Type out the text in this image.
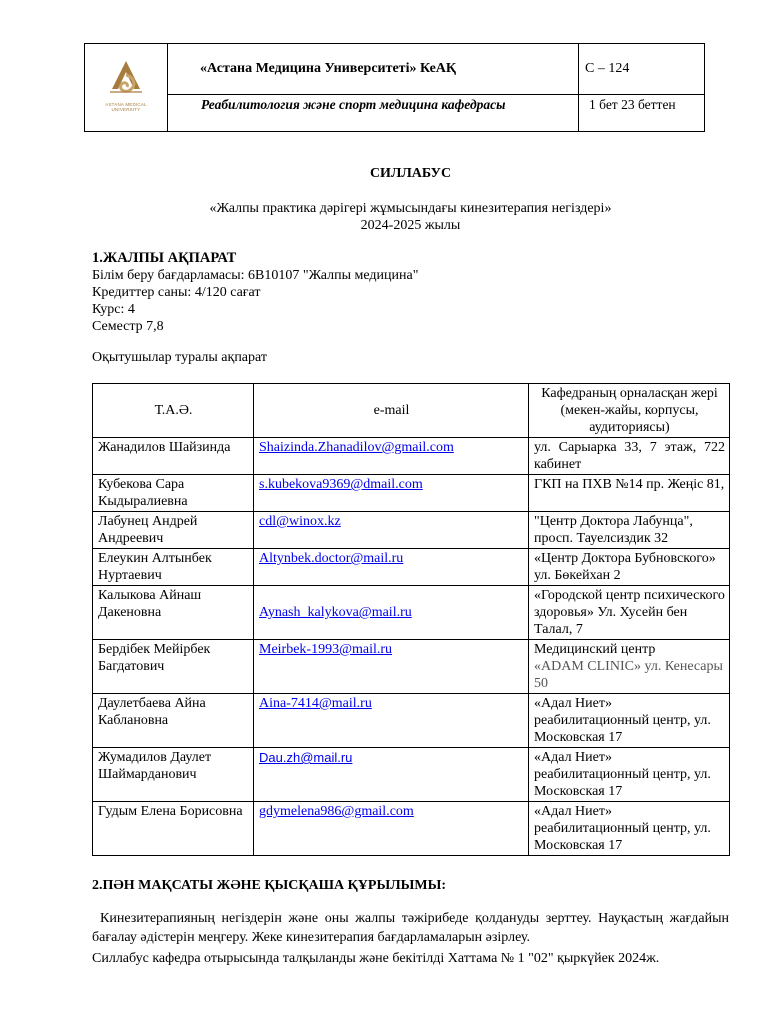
ASTANA MEDICAL
UNIVERSITY	«Астана Медицина Университеті» КеАҚ	С – 124
	Реабилитология және спорт медицина кафедрасы	1 бет 23 беттен
СИЛЛАБУС
«Жалпы практика дәрігері жұмысындағы кинезитерапия негіздері»
2024-2025 жылы
1.ЖАЛПЫ АҚПАРАТ
Білім беру бағдарламасы: 6В10107 "Жалпы медицина"
Кредиттер саны: 4/120 сағат
Курс: 4
Семестр 7,8
Оқытушылар туралы ақпарат
Т.А.Ә.	e-mail	Кафедраның орналасқан жері (мекен-жайы, корпусы, аудиториясы)
Жанадилов Шайзинда	Shaizinda.Zhanadilov@gmail.com	ул. Сарыарка 33, 7 этаж, 722 кабинет
Кубекова Сара Кыдыралиевна	s.kubekova9369@dmail.com	ГКП на ПХВ №14 пр. Жеңіс 81,
Лабунец Андрей Андреевич	cdl@winox.kz	"Центр Доктора Лабунца", просп. Тауелсиздик 32
Елеукин Алтынбек Нуртаевич	Altynbek.doctor@mail.ru	«Центр Доктора Бубновского» ул. Бөкейхан 2
Калыкова Айнаш Дакеновна	Aynash_kalykova@mail.ru	«Городской центр психического здоровья» Ул. Хусейн бен Талал, 7
Бердібек Мейірбек Багдатович	Meirbek-1993@mail.ru	Медицинский центр
«ADAM CLINIC» ул. Кенесары 50
Даулетбаева Айна Каблановна	Aina-7414@mail.ru	«Адал Ниет» реабилитационный центр, ул. Московская 17
Жумадилов Даулет Шаймарданович	Dau.zh@mail.ru	«Адал Ниет» реабилитационный центр, ул. Московская 17
Гудым Елена Борисовна	gdymelena986@gmail.com	«Адал Ниет» реабилитационный центр, ул. Московская 17
2.ПӘН МАҚСАТЫ ЖӘНЕ ҚЫСҚАША ҚҰРЫЛЫМЫ:

Кинезитерапияның негіздерін және оны жалпы тәжірибеде қолдануды зерттеу. Науқастың жағдайын бағалау әдістерін меңгеру. Жеке кинезитерапия бағдарламаларын әзірлеу.

Силлабус кафедра отырысында талқыланды және бекітілді Хаттама № 1 "02" қыркүйек 2024ж.
